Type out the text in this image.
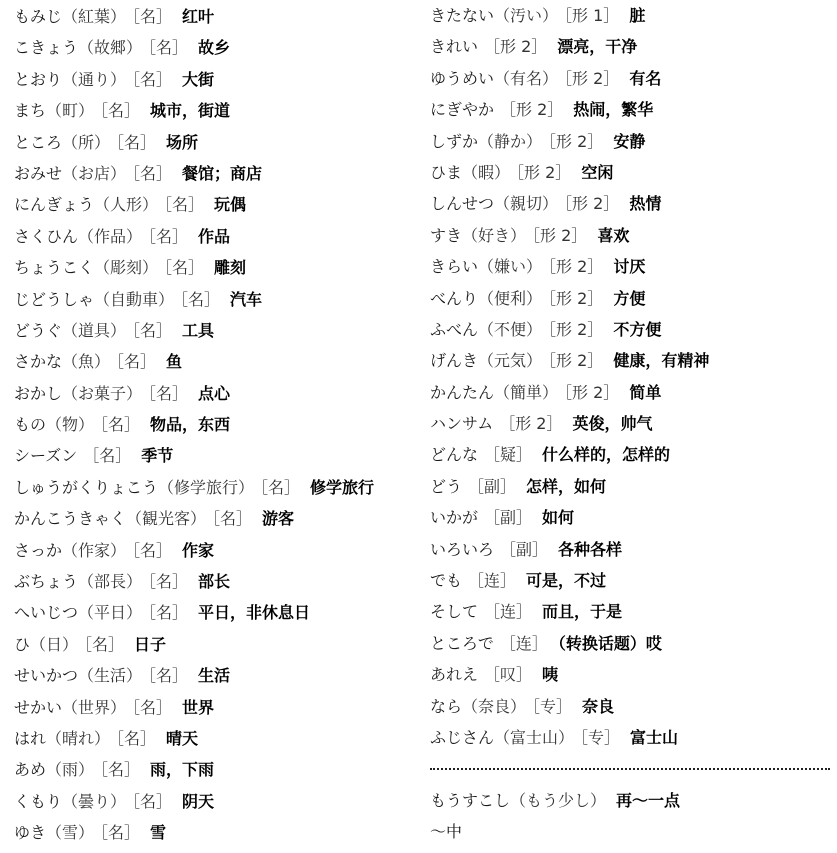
もみじ（紅葉） ［名］ 红叶
こきょう（故郷） ［名］ 故乡
とおり（通り） ［名］ 大街
まち（町） ［名］ 城市，街道
ところ（所） ［名］ 场所
おみせ（お店） ［名］ 餐馆；商店
にんぎょう（人形） ［名］ 玩偶
さくひん（作品） ［名］ 作品
ちょうこく（彫刻） ［名］ 雕刻
じどうしゃ（自動車） ［名］ 汽车
どうぐ（道具） ［名］ 工具
さかな（魚） ［名］ 鱼
おかし（お菓子） ［名］ 点心
もの（物） ［名］ 物品，东西
シーズン ［名］ 季节
しゅうがくりょこう（修学旅行） ［名］ 修学旅行
かんこうきゃく（観光客） ［名］ 游客
さっか（作家） ［名］ 作家
ぶちょう（部長） ［名］ 部长
へいじつ（平日） ［名］ 平日，非休息日
ひ（日） ［名］ 日子
せいかつ（生活） ［名］ 生活
せかい（世界） ［名］ 世界
はれ（晴れ） ［名］ 晴天
あめ（雨） ［名］ 雨，下雨
くもり（曇り） ［名］ 阴天
ゆき（雪） ［名］ 雪
きたない（汚い） ［形 1］ 脏
きれい ［形 2］ 漂亮，干净
ゆうめい（有名） ［形 2］ 有名
にぎやか ［形 2］ 热闹，繁华
しずか（静か） ［形 2］ 安静
ひま（暇） ［形 2］ 空闲
しんせつ（親切） ［形 2］ 热情
すき（好き） ［形 2］ 喜欢
きらい（嫌い） ［形 2］ 讨厌
べんり（便利） ［形 2］ 方便
ふべん（不便） ［形 2］ 不方便
げんき（元気） ［形 2］ 健康，有精神
かんたん（簡単） ［形 2］ 简单
ハンサム ［形 2］ 英俊，帅气
どんな ［疑］ 什么样的，怎样的
どう ［副］ 怎样，如何
いかが ［副］ 如何
いろいろ ［副］ 各种各样
でも ［连］ 可是，不过
そして ［连］ 而且，于是
ところで ［连］ （转换话题）哎
あれえ ［叹］ 咦
なら（奈良） ［专］ 奈良
ふじさん（富士山） ［专］ 富士山
もうすこし（もう少し） 再～一点
～中
